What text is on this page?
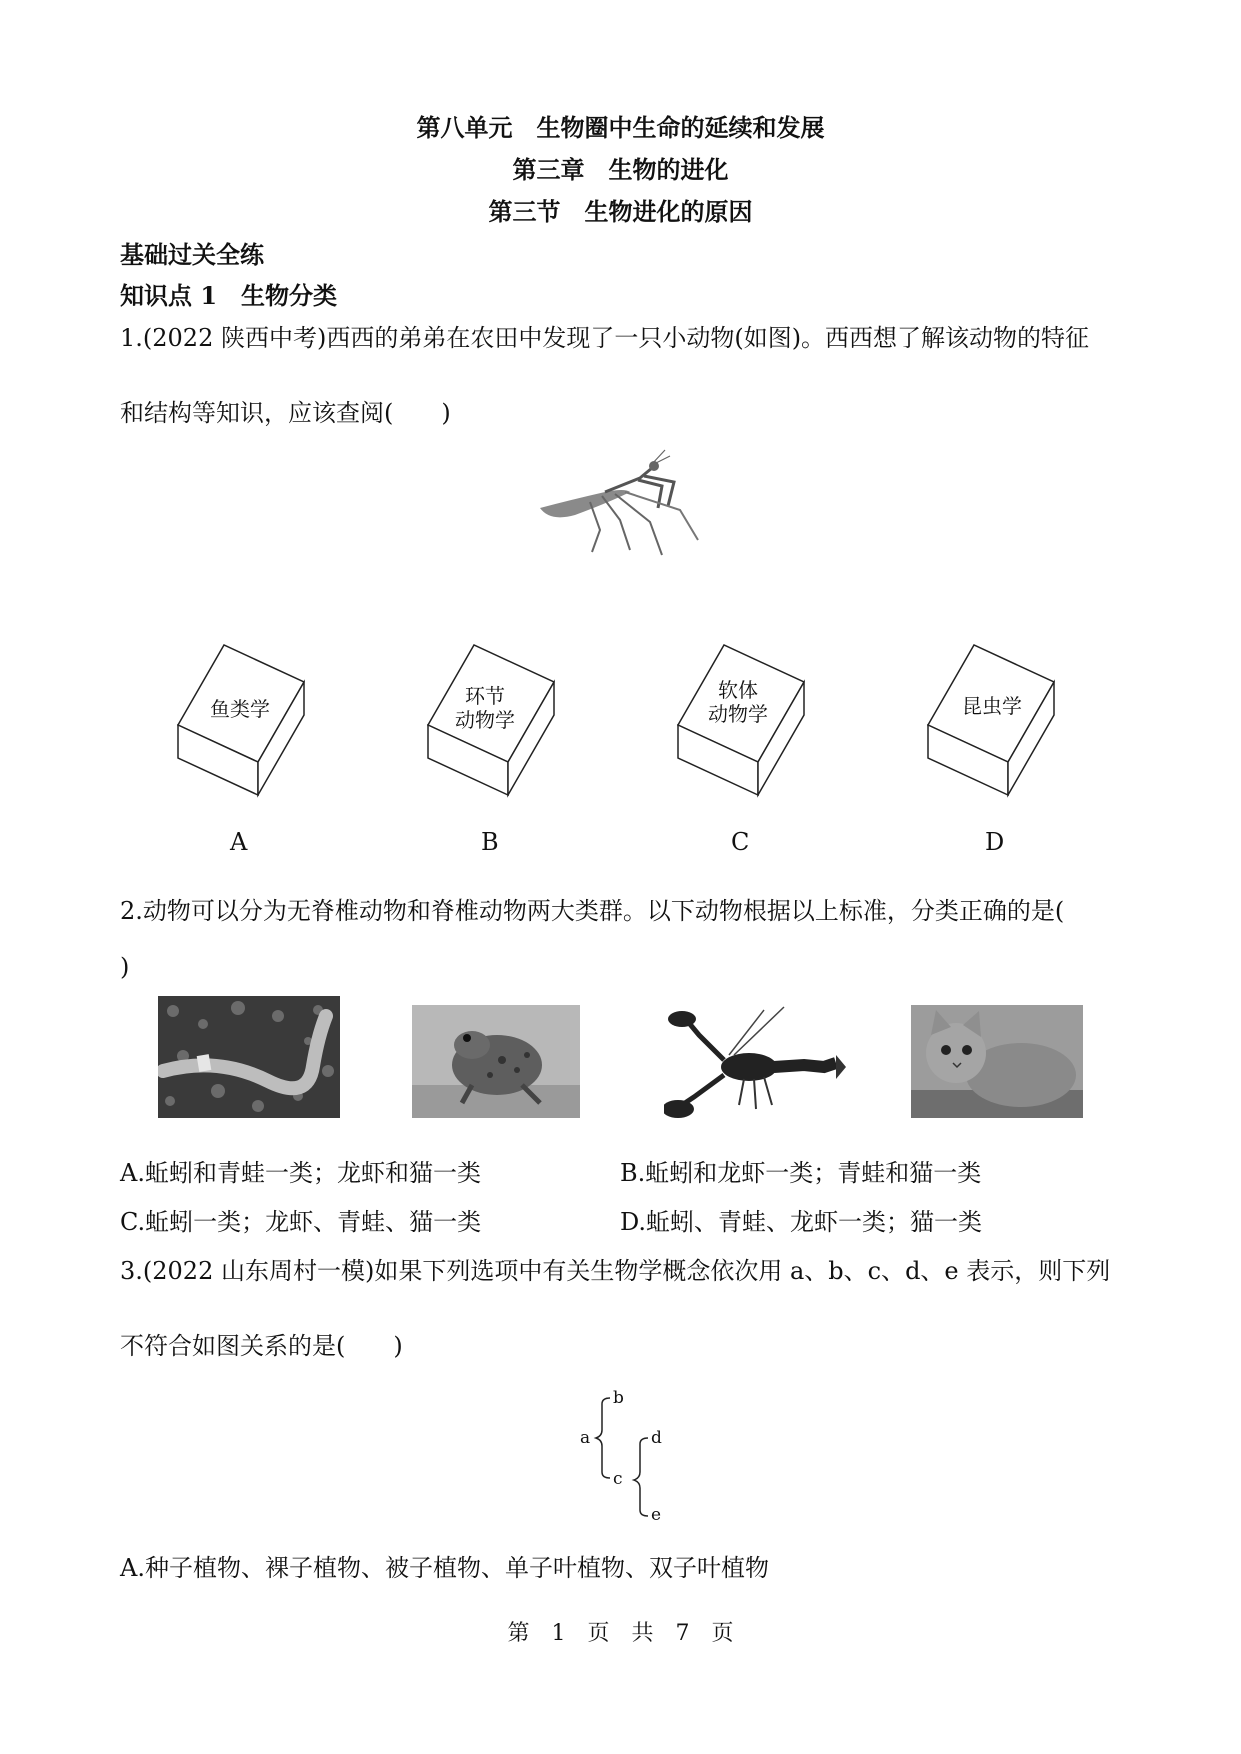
第八单元　生物圈中生命的延续和发展
第三章　生物的进化
第三节　生物进化的原因
基础过关全练
知识点 1　生物分类
1.(2022 陕西中考)西西的弟弟在农田中发现了一只小动物(如图)。西西想了解该动物的特征
和结构等知识，应该查阅(　　)
鱼类学
A
环节
动物学
B
软体
动物学
C
昆虫学
D
2.动物可以分为无脊椎动物和脊椎动物两大类群。以下动物根据以上标准，分类正确的是(
)
A.蚯蚓和青蛙一类；龙虾和猫一类	B.蚯蚓和龙虾一类；青蛙和猫一类
C.蚯蚓一类；龙虾、青蛙、猫一类	D.蚯蚓、青蛙、龙虾一类；猫一类
3.(2022 山东周村一模)如果下列选项中有关生物学概念依次用 a、b、c、d、e 表示，则下列
不符合如图关系的是(　　)
a
b
c
d
e
A.种子植物、裸子植物、被子植物、单子叶植物、双子叶植物
第　1　页　共　7　页
